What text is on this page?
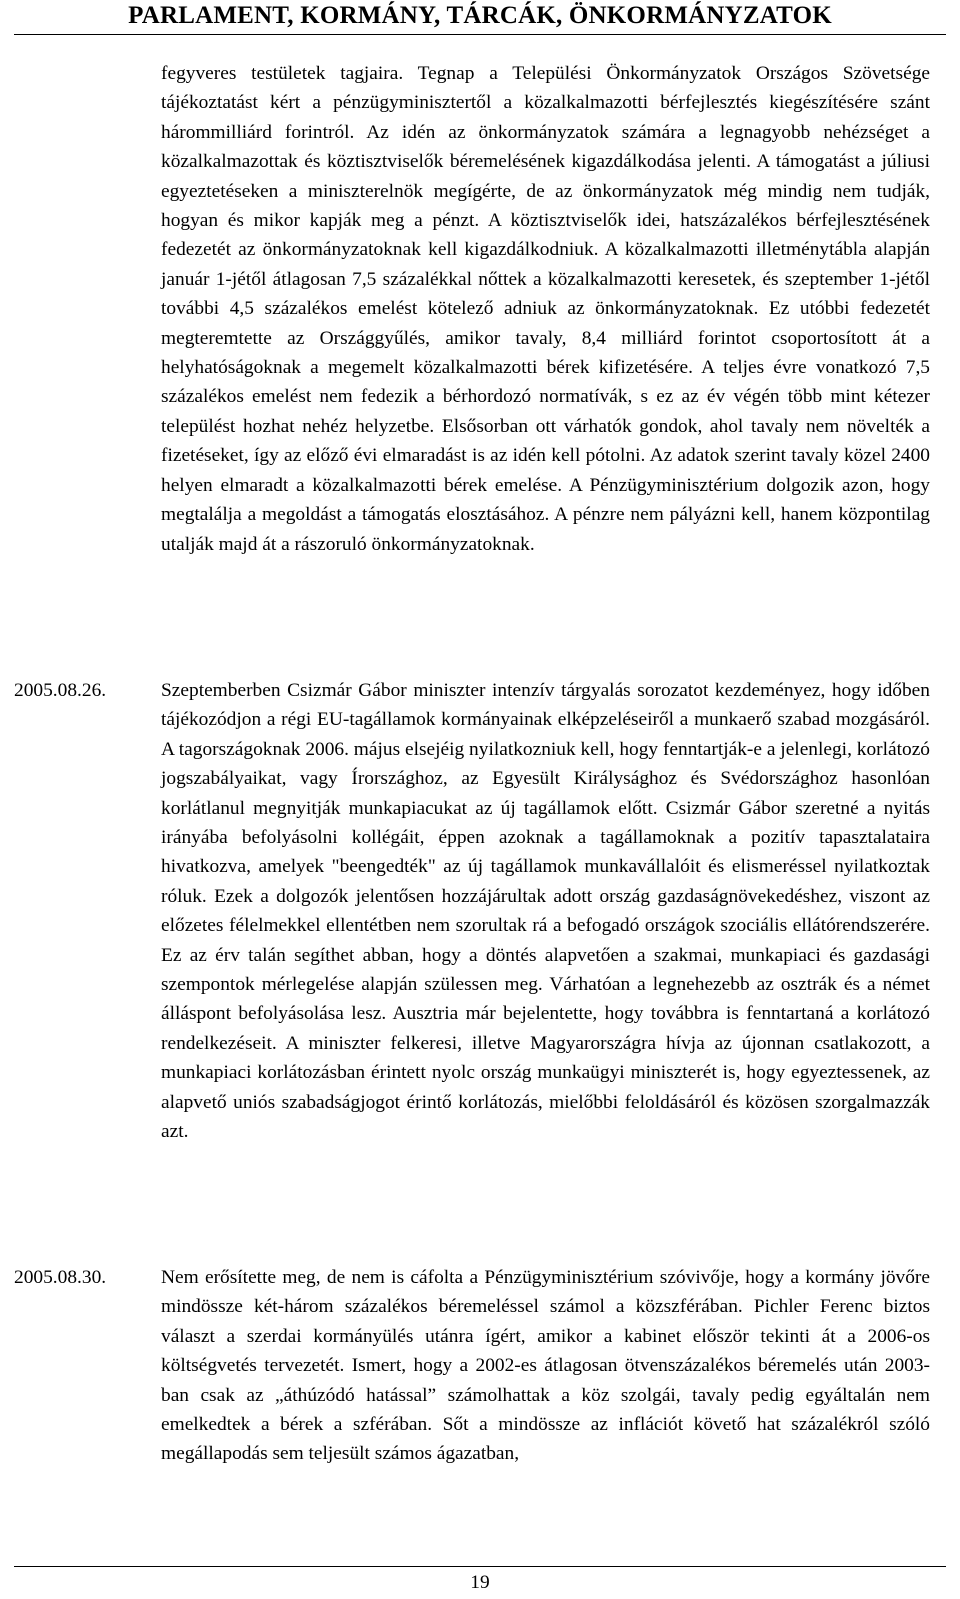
PARLAMENT, KORMÁNY, TÁRCÁK, ÖNKORMÁNYZATOK

fegyveres testületek tagjaira. Tegnap a Települési Önkormányzatok Országos Szövetsége tájékoztatást kért a pénzügyminisztertől a közalkalmazotti bérfejlesztés kiegészítésére szánt hárommilliárd forintról. Az idén az önkormányzatok számára a legnagyobb nehézséget a közalkalmazottak és köztisztviselők béremelésének kigazdálkodása jelenti. A támogatást a júliusi egyeztetéseken a miniszterelnök megígérte, de az önkormányzatok még mindig nem tudják, hogyan és mikor kapják meg a pénzt. A köztisztviselők idei, hatszázalékos bérfejlesztésének fedezetét az önkormányzatoknak kell kigazdálkodniuk. A közalkalmazotti illetménytábla alapján január 1-jétől átlagosan 7,5 százalékkal nőttek a közalkalmazotti keresetek, és szeptember 1-jétől további 4,5 százalékos emelést kötelező adniuk az önkormányzatoknak. Ez utóbbi fedezetét megteremtette az Országgyűlés, amikor tavaly, 8,4 milliárd forintot csoportosított át a helyhatóságoknak a megemelt közalkalmazotti bérek kifizetésére. A teljes évre vonatkozó 7,5 százalékos emelést nem fedezik a bérhordozó normatívák, s ez az év végén több mint kétezer települést hozhat nehéz helyzetbe. Elsősorban ott várhatók gondok, ahol tavaly nem növelték a fizetéseket, így az előző évi elmaradást is az idén kell pótolni. Az adatok szerint tavaly közel 2400 helyen elmaradt a közalkalmazotti bérek emelése. A Pénzügyminisztérium dolgozik azon, hogy megtalálja a megoldást a támogatás elosztásához. A pénzre nem pályázni kell, hanem központilag utalják majd át a rászoruló önkormányzatoknak.

2005.08.26.	Szeptemberben Csizmár Gábor miniszter intenzív tárgyalás sorozatot kezdeményez, hogy időben tájékozódjon a régi EU-tagállamok kormányainak elképzeléseiről a munkaerő szabad mozgásáról. A tagországoknak 2006. május elsejéig nyilatkozniuk kell, hogy fenntartják-e a jelenlegi, korlátozó jogszabályaikat, vagy Írországhoz, az Egyesült Királysághoz és Svédországhoz hasonlóan korlátlanul megnyitják munkapiacukat az új tagállamok előtt. Csizmár Gábor szeretné a nyitás irányába befolyásolni kollégáit, éppen azoknak a tagállamoknak a pozitív tapasztalataira hivatkozva, amelyek "beengedték" az új tagállamok munkavállalóit és elismeréssel nyilatkoztak róluk. Ezek a dolgozók jelentősen hozzájárultak adott ország gazdaságnövekedéshez, viszont az előzetes félelmekkel ellentétben nem szorultak rá a befogadó országok szociális ellátórendszerére. Ez az érv talán segíthet abban, hogy a döntés alapvetően a szakmai, munkapiaci és gazdasági szempontok mérlegelése alapján szülessen meg. Várhatóan a legnehezebb az osztrák és a német álláspont befolyásolása lesz. Ausztria már bejelentette, hogy továbbra is fenntartaná a korlátozó rendelkezéseit. A miniszter felkeresi, illetve Magyarországra hívja az újonnan csatlakozott, a munkapiaci korlátozásban érintett nyolc ország munkaügyi miniszterét is, hogy egyeztessenek, az alapvető uniós szabadságjogot érintő korlátozás, mielőbbi feloldásáról és közösen szorgalmazzák azt.

2005.08.30.	Nem erősítette meg, de nem is cáfolta a Pénzügyminisztérium szóvivője, hogy a kormány jövőre mindössze két-három százalékos béremeléssel számol a közszférában. Pichler Ferenc biztos választ a szerdai kormányülés utánra ígért, amikor a kabinet először tekinti át a 2006-os költségvetés tervezetét. Ismert, hogy a 2002-es átlagosan ötvenszázalékos béremelés után 2003-ban csak az „áthúzódó hatással” számolhattak a köz szolgái, tavaly pedig egyáltalán nem emelkedtek a bérek a szférában. Sőt a mindössze az inflációt követő hat százalékról szóló megállapodás sem teljesült számos ágazatban,

19
